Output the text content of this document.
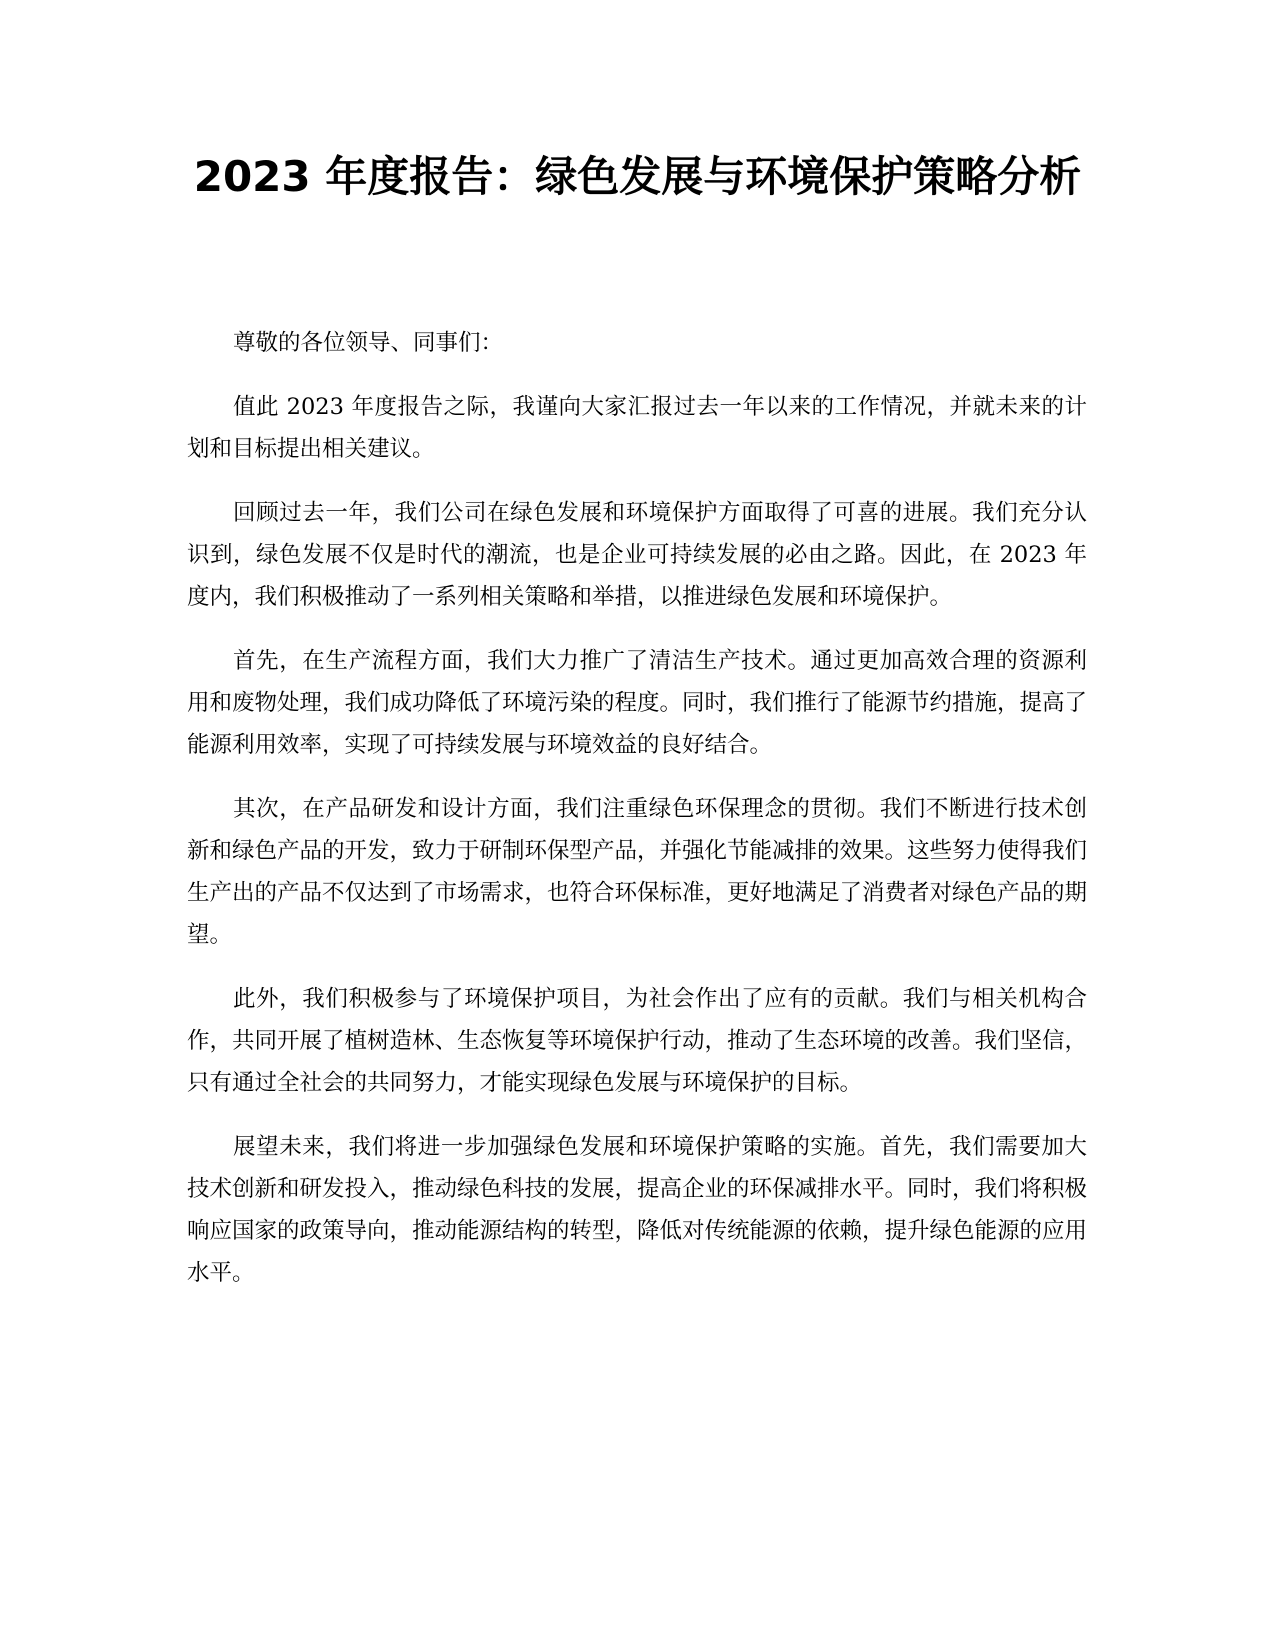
2023 年度报告：绿色发展与环境保护策略分析

尊敬的各位领导、同事们：

值此 2023 年度报告之际，我谨向大家汇报过去一年以来的工作情况，并就未来的计划和目标提出相关建议。

回顾过去一年，我们公司在绿色发展和环境保护方面取得了可喜的进展。我们充分认识到，绿色发展不仅是时代的潮流，也是企业可持续发展的必由之路。因此，在 2023 年度内，我们积极推动了一系列相关策略和举措，以推进绿色发展和环境保护。

首先，在生产流程方面，我们大力推广了清洁生产技术。通过更加高效合理的资源利用和废物处理，我们成功降低了环境污染的程度。同时，我们推行了能源节约措施，提高了能源利用效率，实现了可持续发展与环境效益的良好结合。

其次，在产品研发和设计方面，我们注重绿色环保理念的贯彻。我们不断进行技术创新和绿色产品的开发，致力于研制环保型产品，并强化节能减排的效果。这些努力使得我们生产出的产品不仅达到了市场需求，也符合环保标准，更好地满足了消费者对绿色产品的期望。

此外，我们积极参与了环境保护项目，为社会作出了应有的贡献。我们与相关机构合作，共同开展了植树造林、生态恢复等环境保护行动，推动了生态环境的改善。我们坚信，只有通过全社会的共同努力，才能实现绿色发展与环境保护的目标。

展望未来，我们将进一步加强绿色发展和环境保护策略的实施。首先，我们需要加大技术创新和研发投入，推动绿色科技的发展，提高企业的环保减排水平。同时，我们将积极响应国家的政策导向，推动能源结构的转型，降低对传统能源的依赖，提升绿色能源的应用水平。
